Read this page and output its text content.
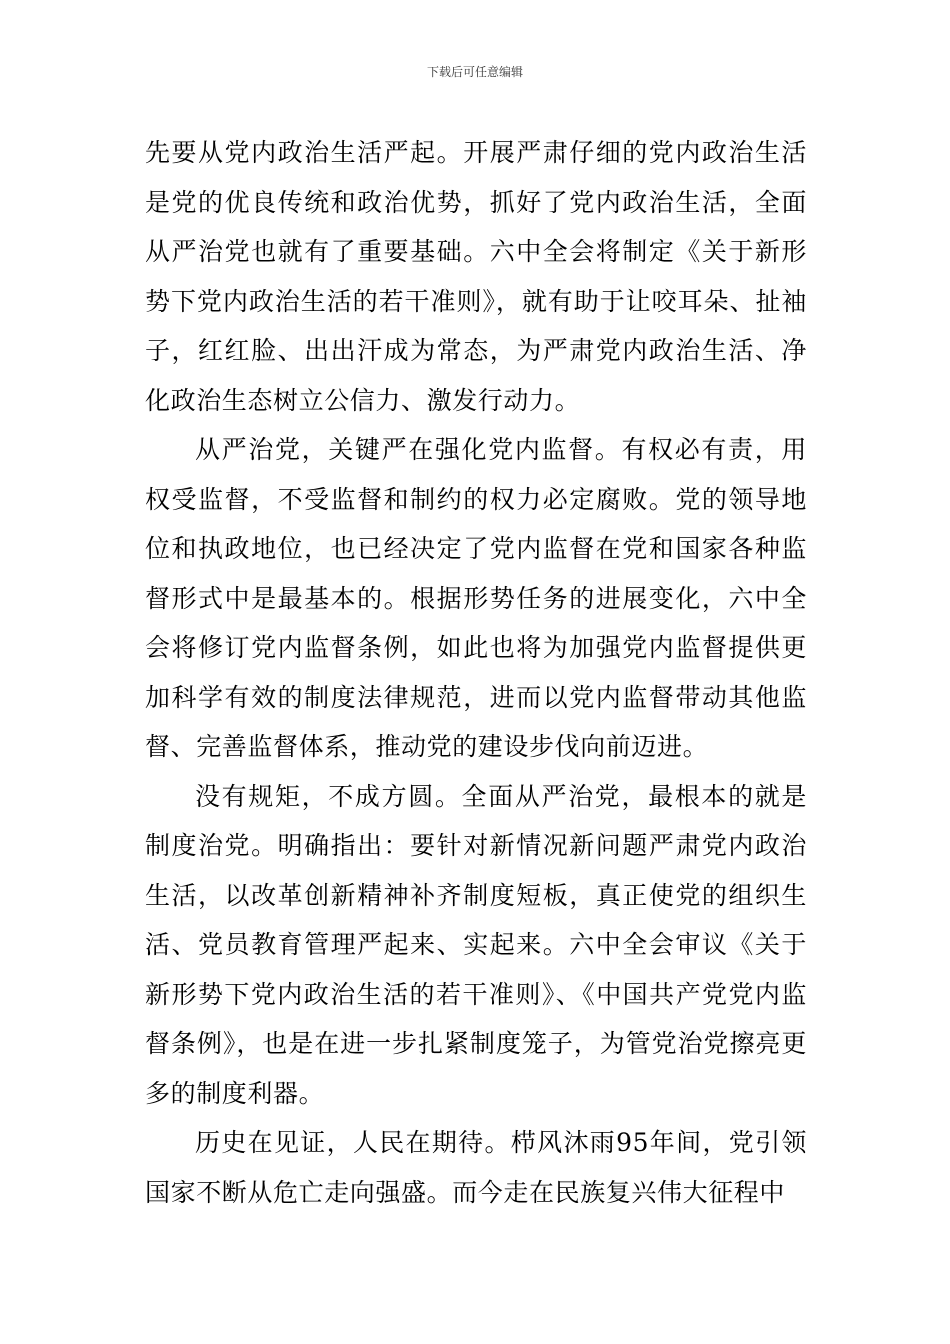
下载后可任意编辑

先要从党内政治生活严起。开展严肃仔细的党内政治生活是党的优良传统和政治优势，抓好了党内政治生活，全面从严治党也就有了重要基础。六中全会将制定《关于新形势下党内政治生活的若干准则》，就有助于让咬耳朵、扯袖子，红红脸、出出汗成为常态，为严肃党内政治生活、净化政治生态树立公信力、激发行动力。

从严治党，关键严在强化党内监督。有权必有责，用权受监督，不受监督和制约的权力必定腐败。党的领导地位和执政地位，也已经决定了党内监督在党和国家各种监督形式中是最基本的。根据形势任务的进展变化，六中全会将修订党内监督条例，如此也将为加强党内监督提供更加科学有效的制度法律规范，进而以党内监督带动其他监督、完善监督体系，推动党的建设步伐向前迈进。

没有规矩，不成方圆。全面从严治党，最根本的就是制度治党。明确指出：要针对新情况新问题严肃党内政治生活，以改革创新精神补齐制度短板，真正使党的组织生活、党员教育管理严起来、实起来。六中全会审议《关于新形势下党内政治生活的若干准则》、《中国共产党党内监督条例》，也是在进一步扎紧制度笼子，为管党治党擦亮更多的制度利器。

历史在见证，人民在期待。栉风沐雨95年间，党引领国家不断从危亡走向强盛。而今走在民族复兴伟大征程中
